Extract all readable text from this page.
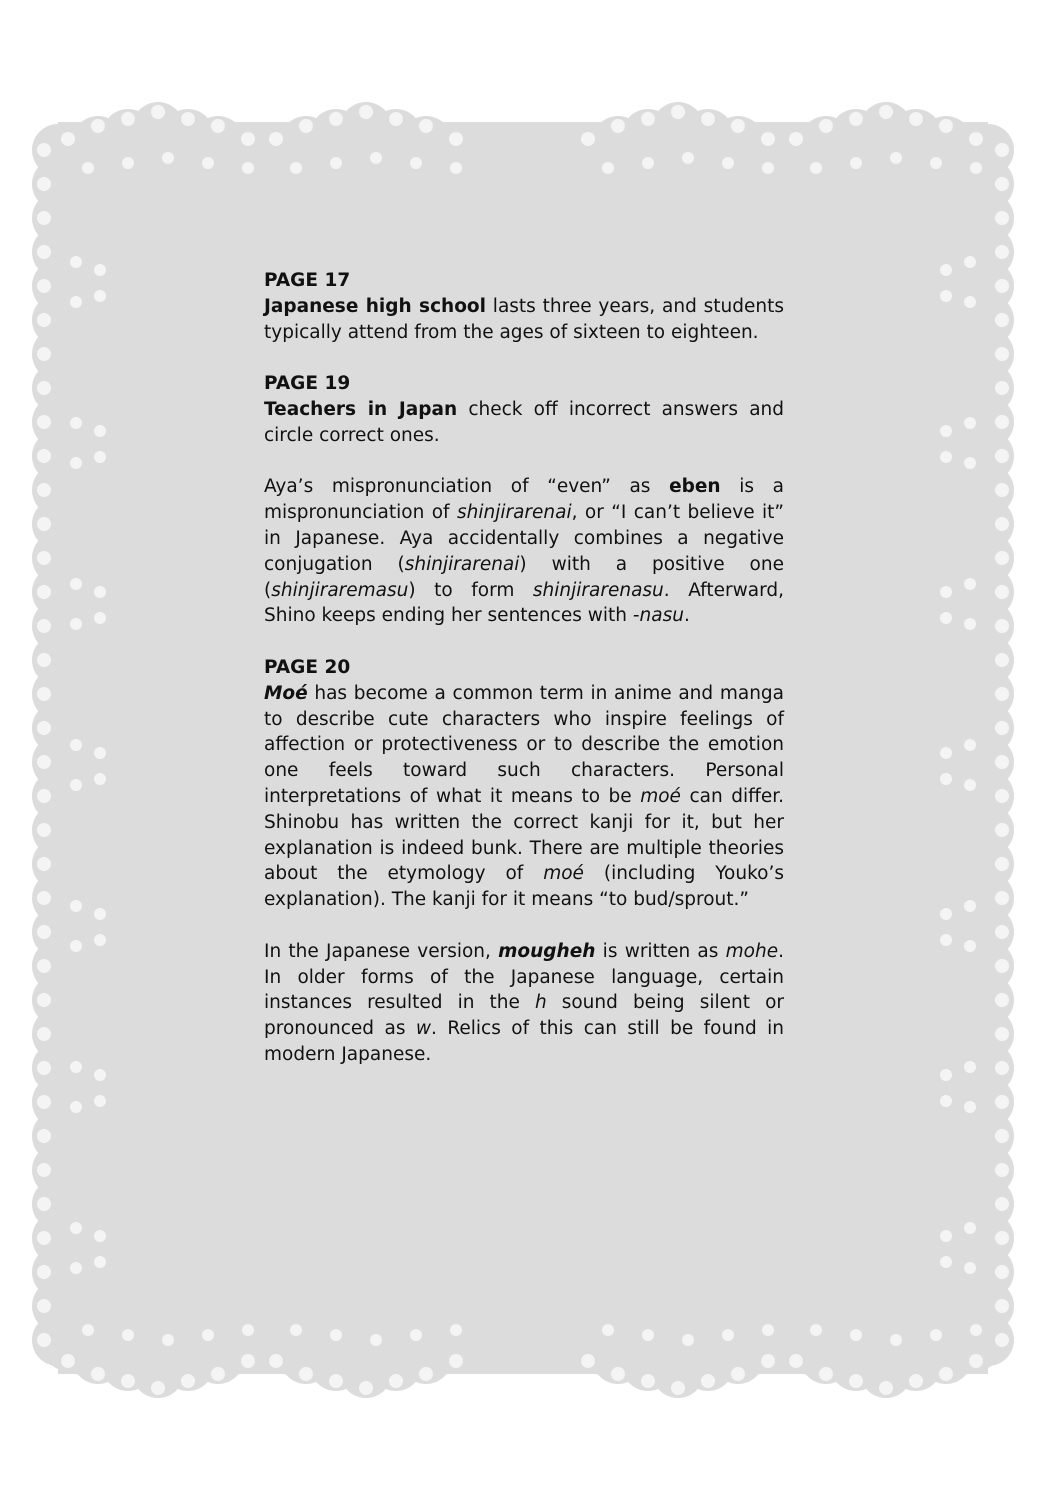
PAGE 17

Japanese high school lasts three years, and students typically attend from the ages of sixteen to eighteen.

PAGE 19

Teachers in Japan check off incorrect answers and circle correct ones.

Aya’s mispronunciation of “even” as eben is a mispronunciation of shinjirarenai, or “I can’t believe it” in Japanese. Aya accidentally combines a negative conjugation (shinjirarenai) with a positive one (shinjiraremasu) to form shinjirarenasu. Afterward, Shino keeps ending her sentences with -nasu.

PAGE 20

Moé has become a common term in anime and manga to describe cute characters who inspire feelings of affection or protectiveness or to describe the emotion one feels toward such characters. Personal interpretations of what it means to be moé can differ. Shinobu has written the correct kanji for it, but her explanation is indeed bunk. There are multiple theories about the etymology of moé (including Youko’s explanation). The kanji for it means “to bud/sprout.”

In the Japanese version, mougheh is written as mohe. In older forms of the Japanese language, certain instances resulted in the h sound being silent or pronounced as w. Relics of this can still be found in modern Japanese.
